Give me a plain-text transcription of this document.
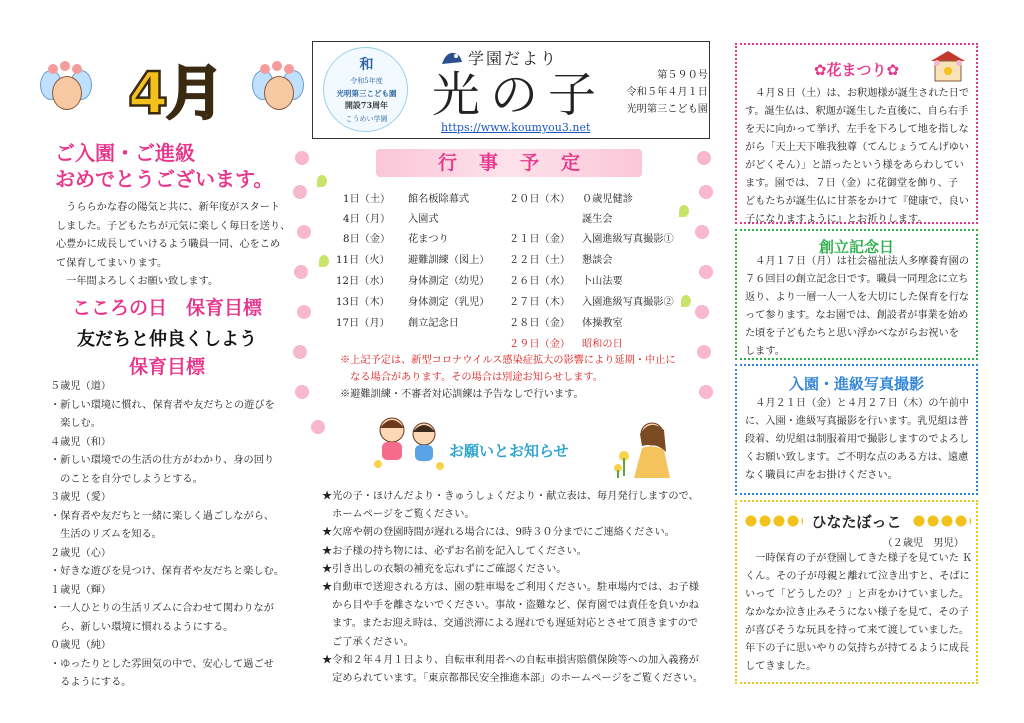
4月	和
令和5年度
光明第三こども園
開設73周年
こうめい学園
学園だより
光の子
https://www.koumyou3.net
第５９０号
令和５年４月１日
光明第三こども園
ご入園・ご進級
おめでとうございます。

　うららかな春の陽気と共に、新年度がスタート

しました。子どもたちが元気に楽しく毎日を送り、

心豊かに成長していけるよう職員一同、心をこめ

て保育してまいります。

　一年間よろしくお願い致します。

こころの日　保育目標
友だちと仲良くしよう
保育目標

５歳児（道）

・新しい環境に慣れ、保育者や友だちとの遊びを

　楽しむ。

４歳児（和）

・新しい環境での生活の仕方がわかり、身の回り

　のことを自分でしようとする。

３歳児（愛）

・保育者や友だちと一緒に楽しく過ごしながら、

　生活のリズムを知る。

２歳児（心）

・好きな遊びを見つけ、保育者や友だちと楽しむ。

１歳児（輝）

・一人ひとりの生活リズムに合わせて関わりなが

　ら、新しい環境に慣れるようにする。

０歳児（純）

・ゆったりとした雰囲気の中で、安心して過ごせ

　るようにする。

行事予定
1日（土） 館名板除幕式
4日（月） 入園式
8日（金） 花まつり
11日（火） 避難訓練（図上）
12日（水） 身体測定（幼児）
13日（木） 身体測定（乳児）
17日（月） 創立記念日
２０日（木） ０歳児健診
誕生会
２１日（金） 入園進級写真撮影①
２２日（土） 懇談会
２６日（水） 卜山法要
２７日（木） 入園進級写真撮影②
２８日（金） 体操教室
２９日（金） 昭和の日

※上記予定は、新型コロナウイルス感染症拡大の影響により延期・中止に

　なる場合があります。その場合は別途お知らせします。

※避難訓練・不審者対応訓練は予告なしで行います。

お願いとお知らせ

★光の子・ほけんだより・きゅうしょくだより・献立表は、毎月発行しますので、

　ホームページをご覧ください。

★欠席や朝の登園時間が遅れる場合には、9時３０分までにご連絡ください。

★お子様の持ち物には、必ずお名前を記入してください。

★引き出しの衣類の補充を忘れずにご確認ください。

★自動車で送迎される方は、園の駐車場をご利用ください。駐車場内では、お子様

　から目や手を離さないでください。事故・盗難など、保育園では責任を負いかね

　ます。またお迎え時は、交通渋滞による遅れでも遅延対応とさせて頂きますので

　ご了承ください。

★令和２年４月１日より、自転車利用者への自転車損害賠償保険等への加入義務が

　定められています。「東京都都民安全推進本部」のホームページをご覧ください。

✿花まつり✿

　４月８日（土）は、お釈迦様が誕生された日で

す。誕生仏は、釈迦が誕生した直後に、自ら右手

を天に向かって挙げ、左手を下ろして地を指しな

がら「天上天下唯我独尊（てんじょうてんげゆい

がどくそん）」と語ったという様をあらわしてい

ます。園では、７日（金）に花御堂を飾り、子

どもたちが誕生仏に甘茶をかけて『健康で、良い

子になりますように』とお祈りします。

創立記念日

　４月１７日（月）は社会福祉法人多摩養育園の

７６回目の創立記念日です。職員一同理念に立ち

返り、より一層一人一人を大切にした保育を行な

って参ります。なお園では、創設者が事業を始め

た頃を子どもたちと思い浮かべながらお祝いを

します。

入園・進級写真撮影

　４月２１日（金）と４月２７日（木）の午前中

に、入園・進級写真撮影を行います。乳児組は普

段着、幼児組は制服着用で撮影しますのでよろし

くお願い致します。ご不明な点のある方は、遠慮

なく職員に声をお掛けください。

ひなたぼっこ
（２歳児　男児）

　一時保育の子が登園してきた様子を見ていた Ｋ

くん。その子が母親と離れて泣き出すと、そばに

いって「どうしたの？」と声をかけていました。

なかなか泣き止みそうにない様子を見て、その子

が喜びそうな玩具を持って来て渡していました。

年下の子に思いやりの気持ちが持てるように成長

してきました。
